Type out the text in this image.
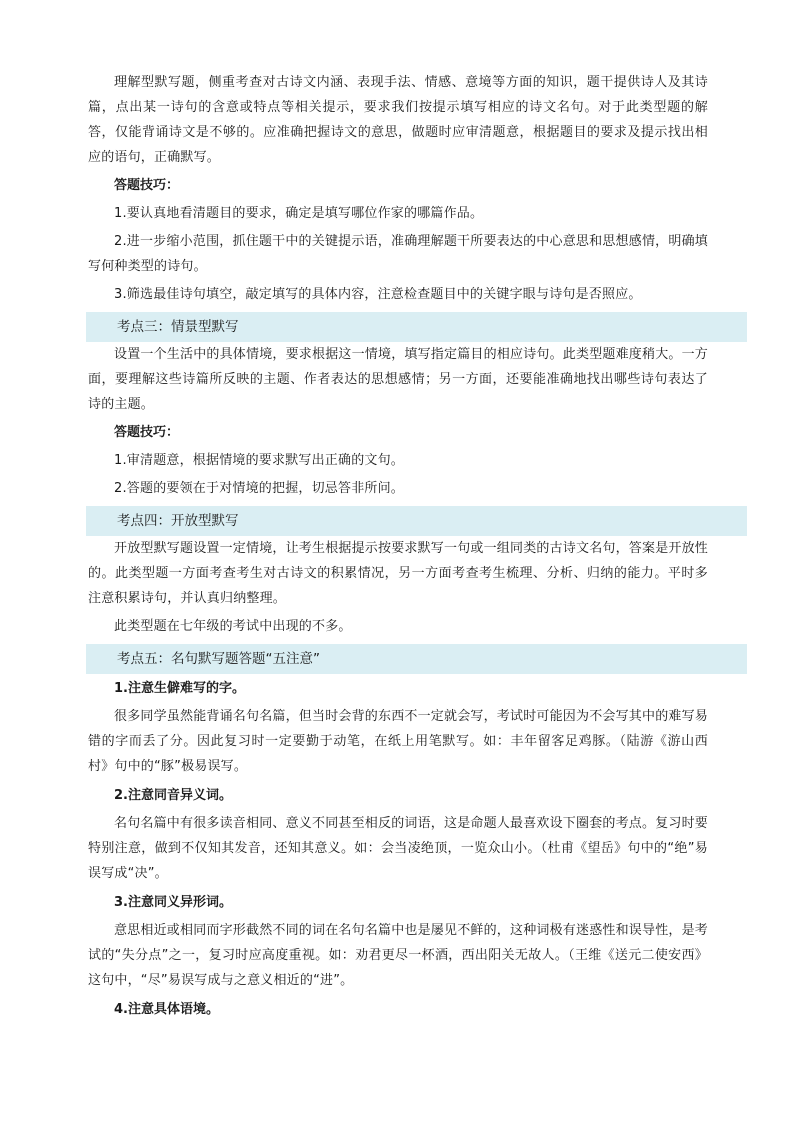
理解型默写题，侧重考查对古诗文内涵、表现手法、情感、意境等方面的知识，题干提供诗人及其诗篇，点出某一诗句的含意或特点等相关提示，要求我们按提示填写相应的诗文名句。对于此类型题的解答，仅能背诵诗文是不够的。应准确把握诗文的意思，做题时应审清题意，根据题目的要求及提示找出相应的语句，正确默写。

答题技巧：

1.要认真地看清题目的要求，确定是填写哪位作家的哪篇作品。

2.进一步缩小范围，抓住题干中的关键提示语，准确理解题干所要表达的中心意思和思想感情，明确填写何种类型的诗句。

3.筛选最佳诗句填空，敲定填写的具体内容，注意检查题目中的关键字眼与诗句是否照应。

考点三：情景型默写

设置一个生活中的具体情境，要求根据这一情境，填写指定篇目的相应诗句。此类型题难度稍大。一方面，要理解这些诗篇所反映的主题、作者表达的思想感情；另一方面，还要能准确地找出哪些诗句表达了诗的主题。

答题技巧：

1.审清题意，根据情境的要求默写出正确的文句。

2.答题的要领在于对情境的把握，切忌答非所问。

考点四：开放型默写

开放型默写题设置一定情境，让考生根据提示按要求默写一句或一组同类的古诗文名句，答案是开放性的。此类型题一方面考查考生对古诗文的积累情况，另一方面考查考生梳理、分析、归纳的能力。平时多注意积累诗句，并认真归纳整理。

此类型题在七年级的考试中出现的不多。

考点五：名句默写题答题“五注意”
1.注意生僻难写的字。

很多同学虽然能背诵名句名篇，但当时会背的东西不一定就会写，考试时可能因为不会写其中的难写易错的字而丢了分。因此复习时一定要勤于动笔，在纸上用笔默写。如：丰年留客足鸡豚。（陆游《游山西村》句中的“豚”极易误写。

2.注意同音异义词。

名句名篇中有很多读音相同、意义不同甚至相反的词语，这是命题人最喜欢设下圈套的考点。复习时要特别注意，做到不仅知其发音，还知其意义。如：会当凌绝顶，一览众山小。（杜甫《望岳》句中的“绝”易误写成“决”。

3.注意同义异形词。

意思相近或相同而字形截然不同的词在名句名篇中也是屡见不鲜的，这种词极有迷惑性和误导性，是考试的“失分点”之一，复习时应高度重视。如：劝君更尽一杯酒，西出阳关无故人。（王维《送元二使安西》这句中，“尽”易误写成与之意义相近的“进”。

4.注意具体语境。
